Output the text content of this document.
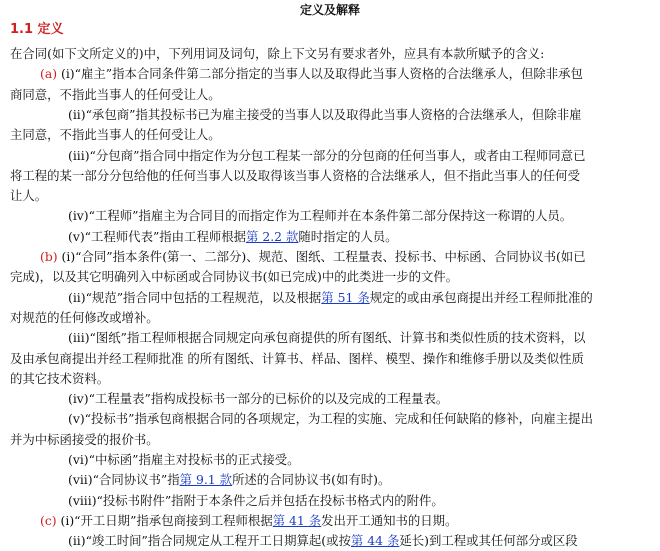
定义及解释
1.1 定义
在合同(如下文所定义的)中，下列用词及词句，除上下文另有要求者外，应具有本款所赋予的含义:
(a) (i)“雇主”指本合同条件第二部分指定的当事人以及取得此当事人资格的合法继承人，但除非承包
商同意，不指此当事人的任何受让人。
(ii)“承包商”指其投标书已为雇主接受的当事人以及取得此当事人资格的合法继承人，但除非雇
主同意，不指此当事人的任何受让人。
(iii)“分包商”指合同中指定作为分包工程某一部分的分包商的任何当事人，或者由工程师同意已
将工程的某一部分分包给他的任何当事人以及取得该当事人资格的合法继承人，但不指此当事人的任何受
让人。
(iv)“工程师”指雇主为合同目的而指定作为工程师并在本条件第二部分保持这一称谓的人员。
(v)“工程师代表”指由工程师根据第 2.2 款随时指定的人员。
(b) (i)“合同”指本条件(第一、二部分)、规范、图纸、工程量表、投标书、中标函、合同协议书(如已
完成)，以及其它明确列入中标函或合同协议书(如已完成)中的此类进一步的文件。
(ii)“规范”指合同中包括的工程规范，以及根据第 51 条规定的或由承包商提出并经工程师批准的
对规范的任何修改或增补。
(iii)“图纸”指工程师根据合同规定向承包商提供的所有图纸、计算书和类似性质的技术资料，以
及由承包商提出并经工程师批准 的所有图纸、计算书、样品、图样、模型、操作和维修手册以及类似性质
的其它技术资料。
(iv)“工程量表”指构成投标书一部分的已标价的以及完成的工程量表。
(v)“投标书”指承包商根据合同的各项规定，为工程的实施、完成和任何缺陷的修补，向雇主提出
并为中标函接受的报价书。
(vi)“中标函”指雇主对投标书的正式接受。
(vii)“合同协议书”指第 9.1 款所述的合同协议书(如有时)。
(viii)“投标书附件”指附于本条件之后并包括在投标书格式内的附件。
(c) (i)“开工日期”指承包商接到工程师根据第 41 条发出开工通知书的日期。
(ii)“竣工时间”指合同规定从工程开工日期算起(或按第 44 条延长)到工程或其任何部分或区段
